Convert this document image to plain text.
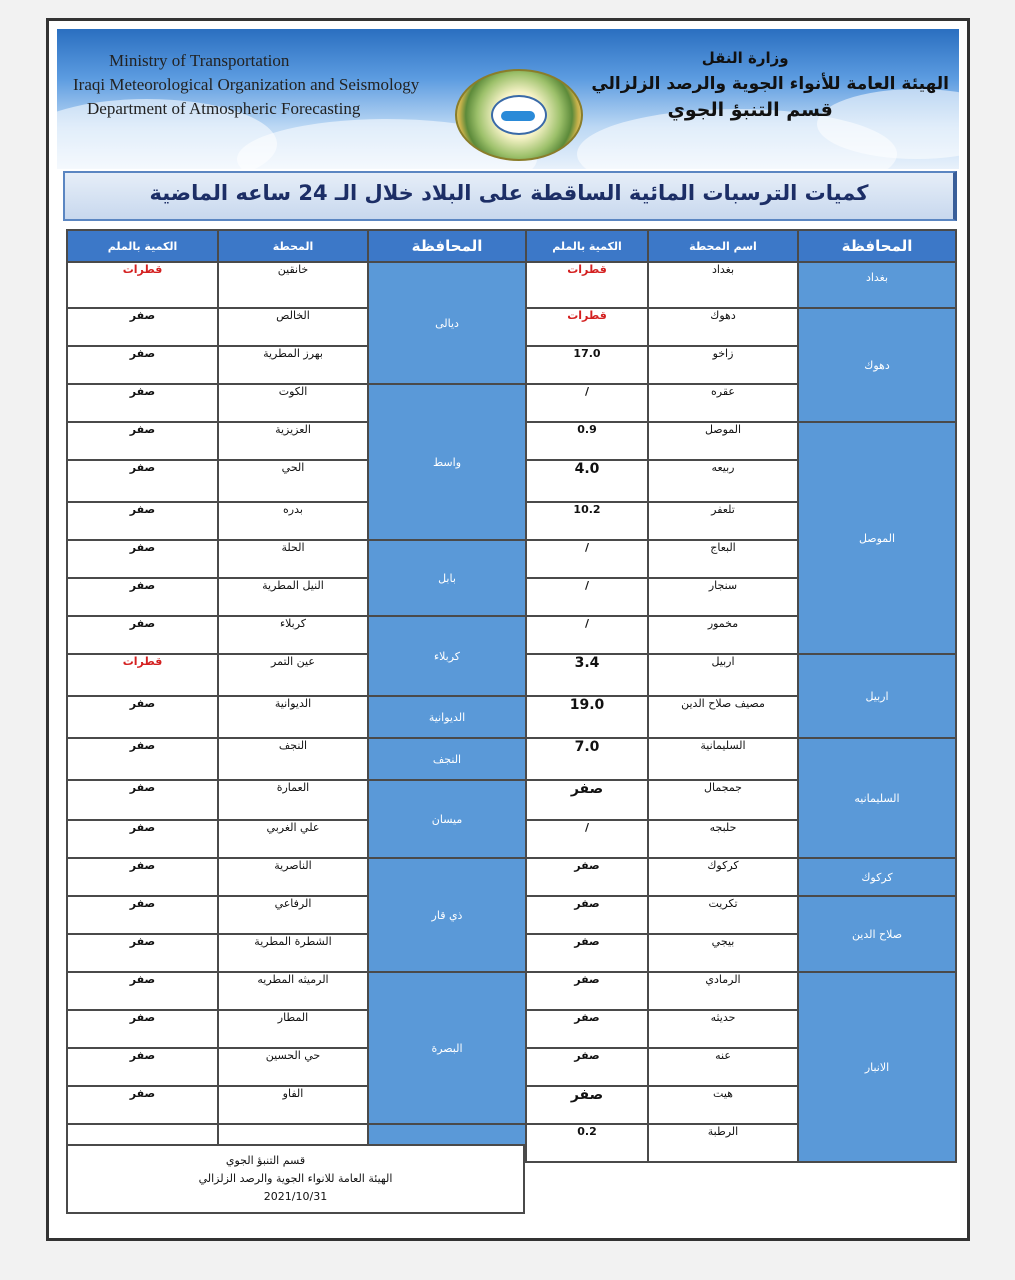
Ministry of Transportation
Iraqi Meteorological Organization and Seismology
Department of Atmospheric Forecasting
وزارة النقل
الهيئة العامة للأنواء الجوية والرصد الزلزالي
قسم التنبؤ الجوي
كميات الترسبات المائية الساقطة على البلاد خلال الـ 24 ساعه الماضية
المحافظة	اسم المحطة	الكمية بالملم	المحافظة	المحطة	الكمية بالملم
بغداد	بغداد	قطرات	ديالى	خانقين	قطرات
دهوك	دهوك	قطرات		الخالص	صفر
	زاخو	17.0		بهرز المطرية	صفر
	عقره	/	واسط	الكوت	صفر
الموصل	الموصل	0.9		العزيزية	صفر
	ربيعه	4.0		الحي	صفر
	تلعفر	10.2		بدره	صفر
	البعاج	/	بابل	الحلة	صفر
	سنجار	/		النيل المطرية	صفر
	مخمور	/	كربلاء	كربلاء	صفر
اربيل	اربيل	3.4		عين التمر	قطرات
	مصيف صلاح الدين	19.0	الديوانية	الديوانية	صفر
السليمانيه	السليمانية	7.0	النجف	النجف	صفر
	جمجمال	صفر	ميسان	العمارة	صفر
	حلبجه	/		علي الغربي	صفر
كركوك	كركوك	صفر	ذي قار	الناصرية	صفر
صلاح الدين	تكريت	صفر		الرفاعي	صفر
	بيجي	صفر		الشطرة المطرية	صفر
الانبار	الرمادي	صفر	البصرة	الرميثه المطريه	صفر
	حديثه	صفر		المطار	صفر
	عنه	صفر		حي الحسين	صفر
	هيت	صفر		الفاو	صفر
	الرطبة	0.2			
قسم التنبؤ الجوي
الهيئة العامة للانواء الجوية والرصد الزلزالي
2021/10/31
